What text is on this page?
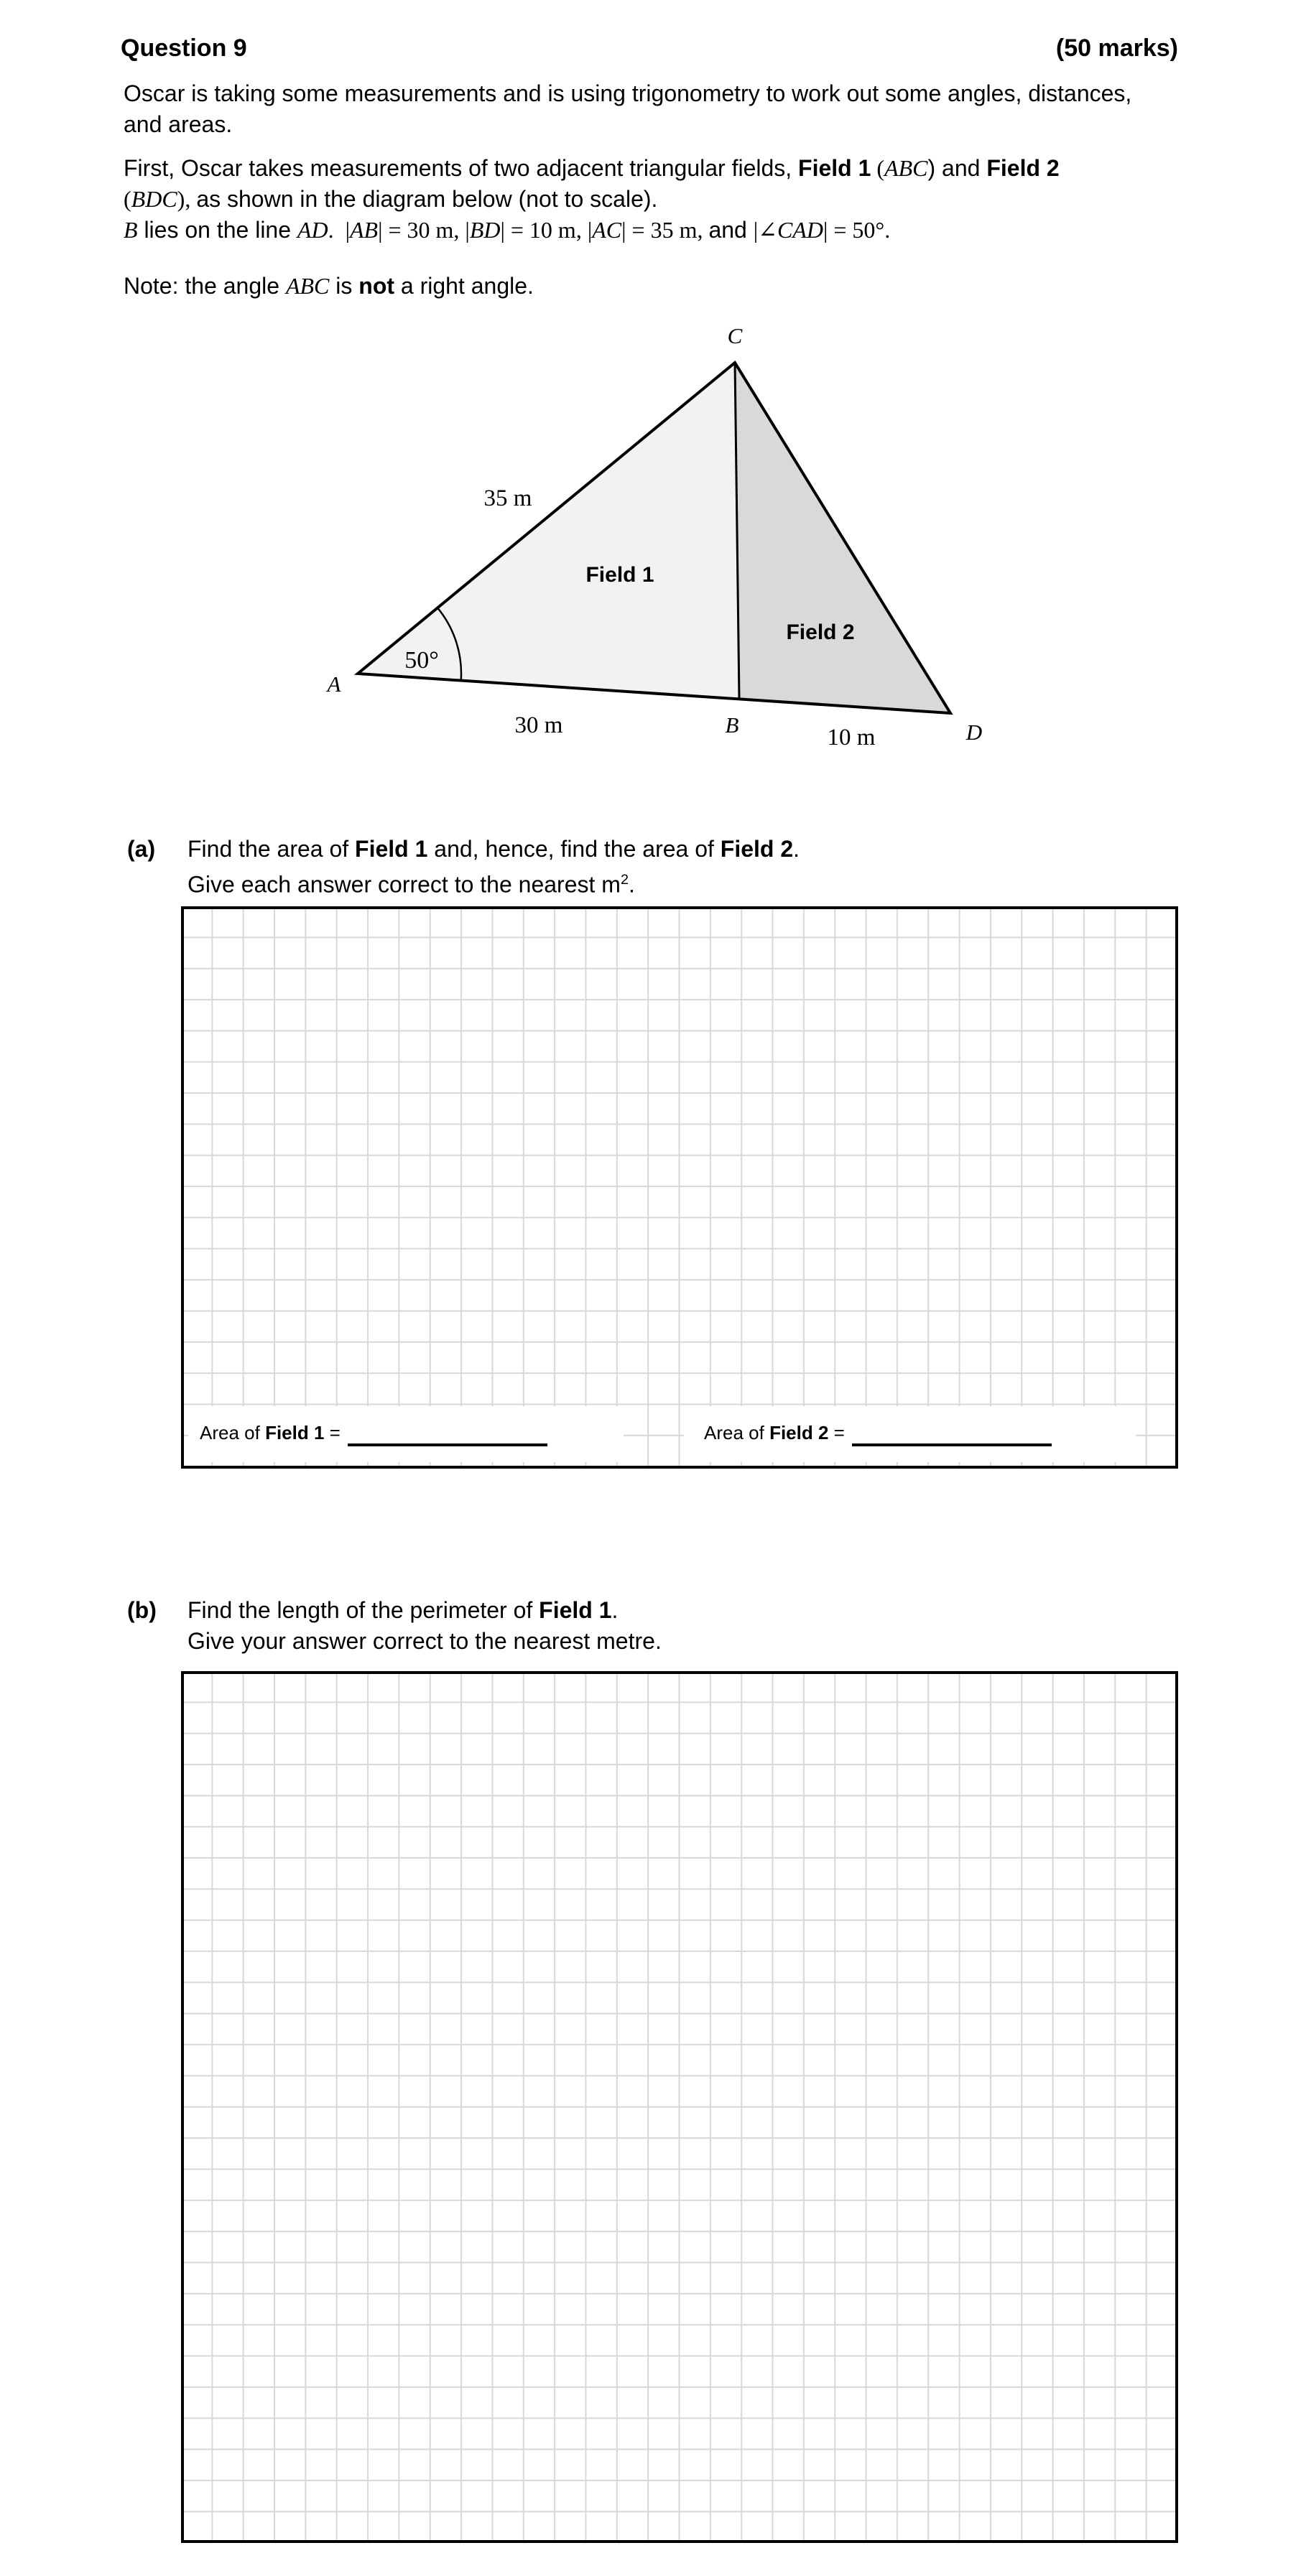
Question 9	(50 marks)
Oscar is taking some measurements and is using trigonometry to work out some angles, distances,
and areas.
First, Oscar takes measurements of two adjacent triangular fields, Field 1 (ABC) and Field 2
(BDC), as shown in the diagram below (not to scale).
B lies on the line AD.  |AB| = 30 m, |BD| = 10 m, |AC| = 35 m, and |∠CAD| = 50°.
Note: the angle ABC is not a right angle.
C
A
B	D
35 m
30 m	10 m
50°
Field 1
Field 2
(a) Find the area of Field 1 and, hence, find the area of Field 2.
Give each answer correct to the nearest $m^2$.
Area of Field 1 =	Area of Field 2 =
(b) Find the length of the perimeter of Field 1.
Give your answer correct to the nearest metre.
